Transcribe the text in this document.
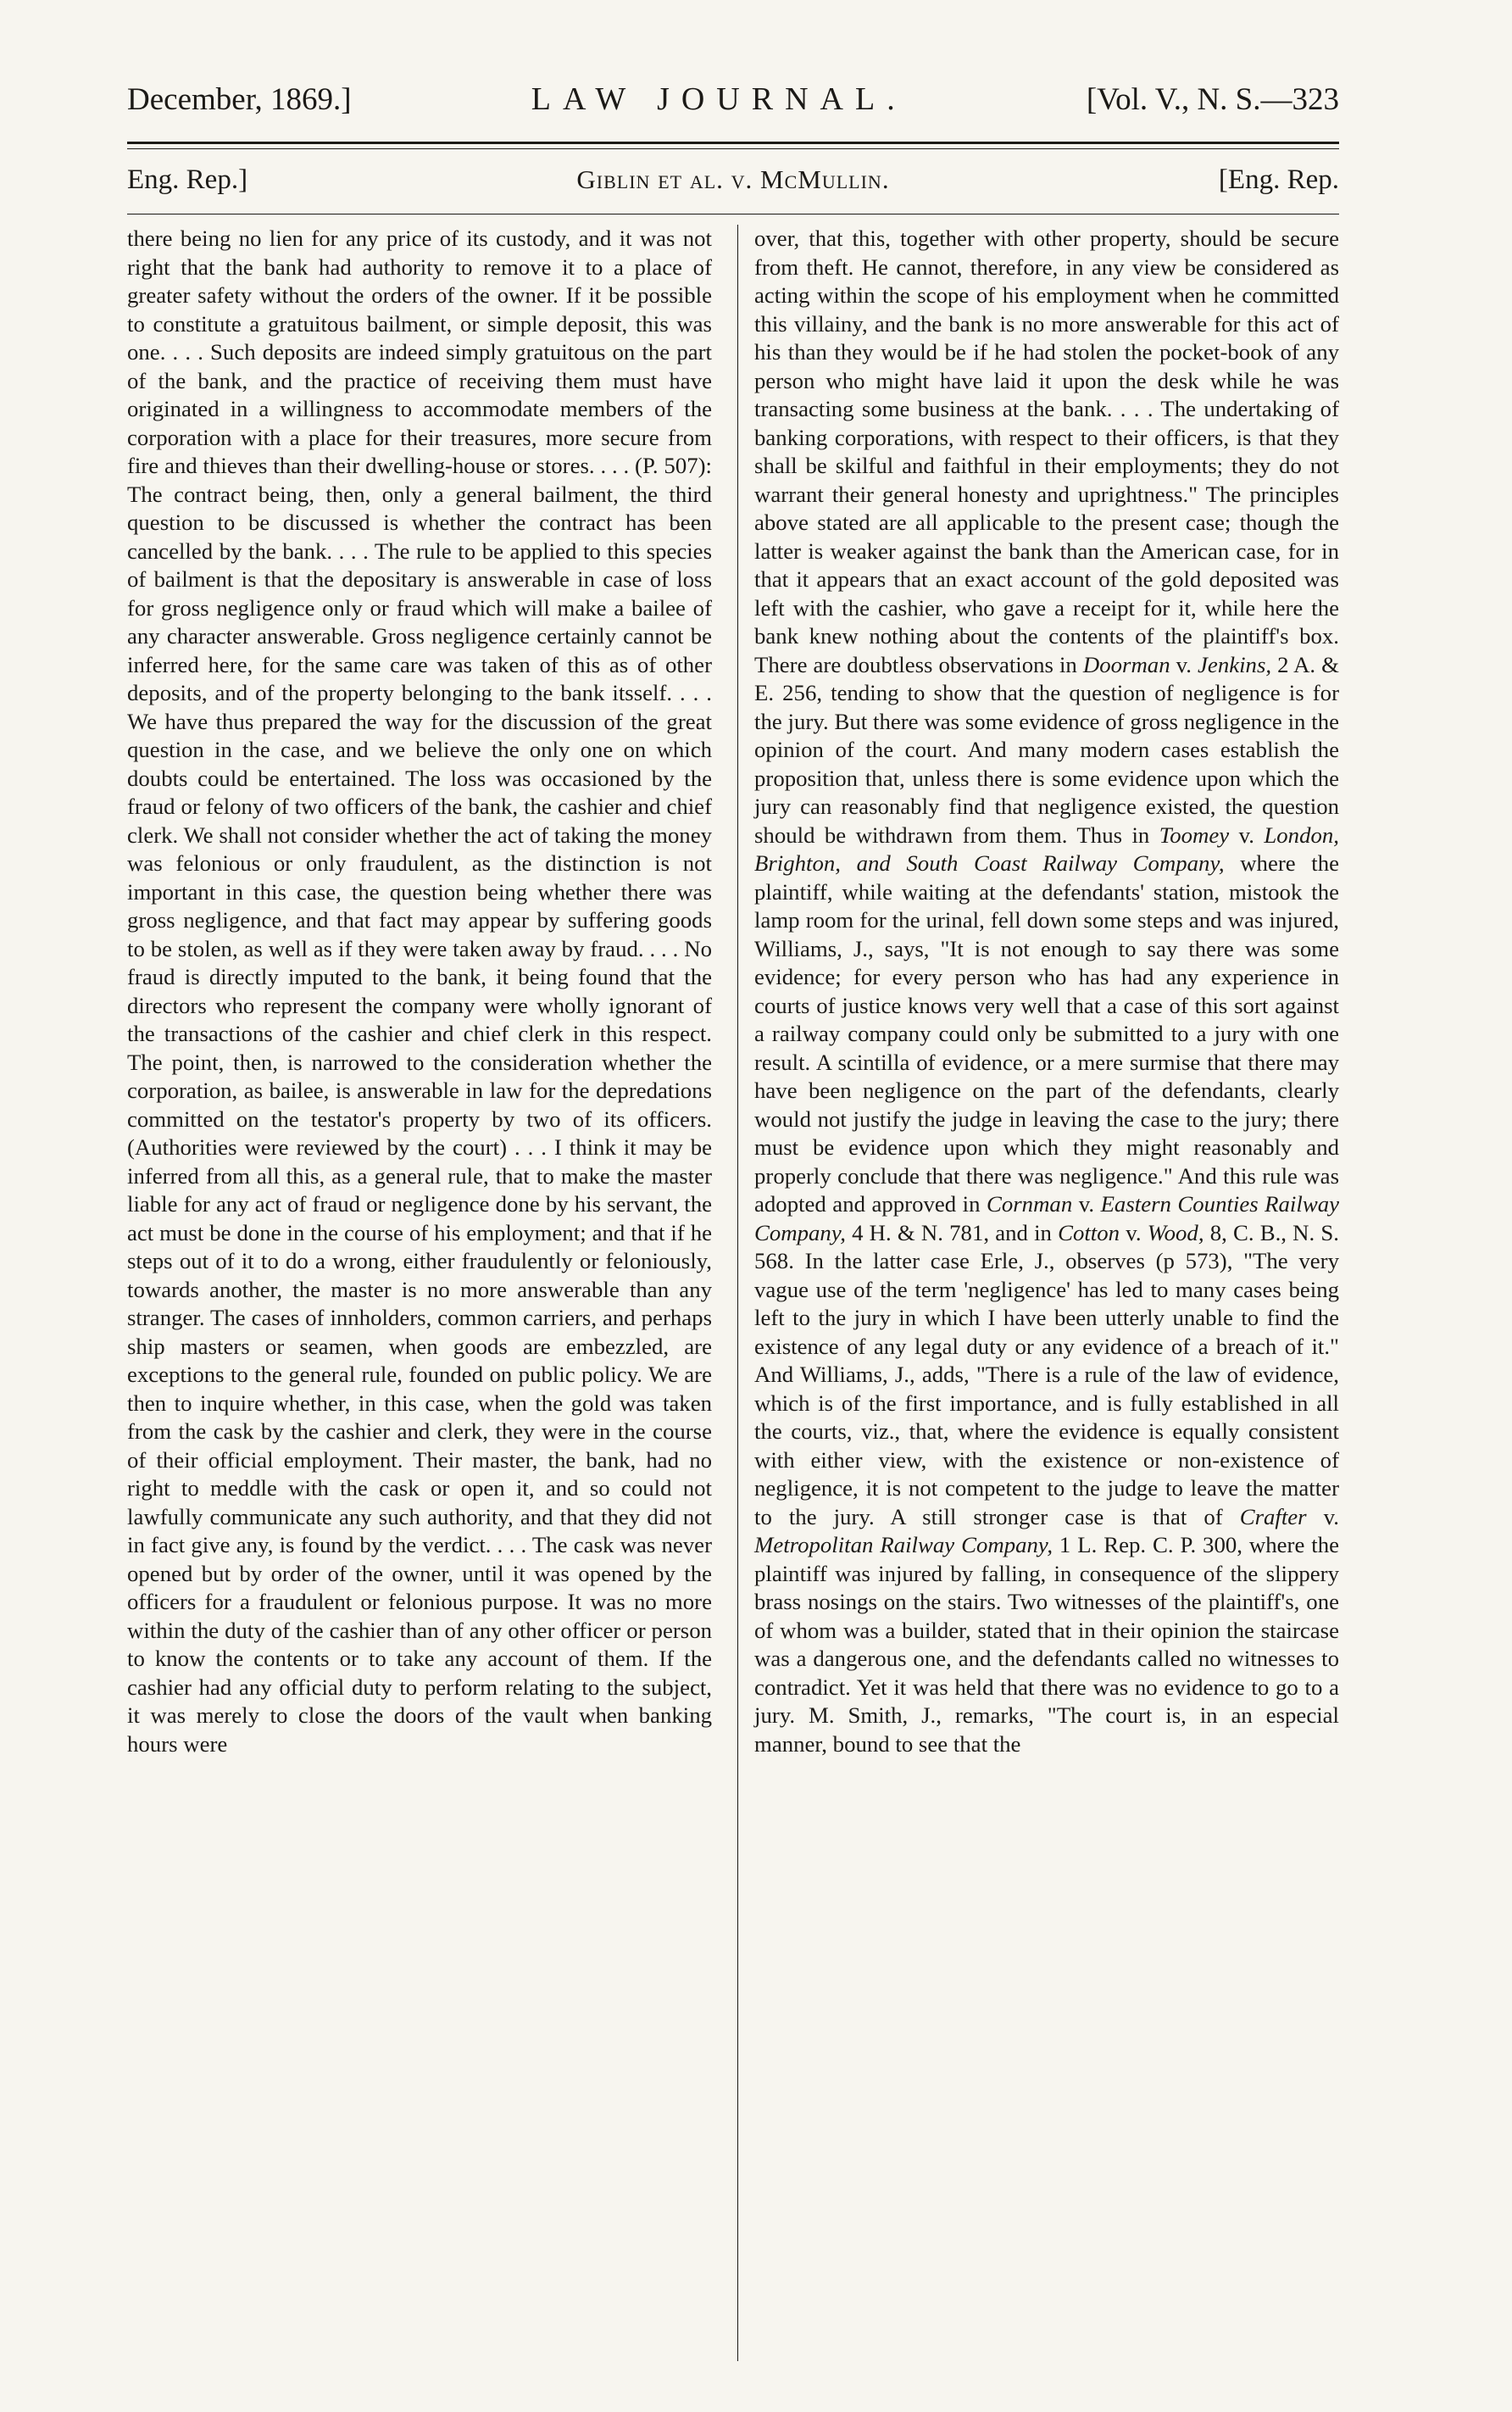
December, 1869.]	LAW JOURNAL.	[Vol. V., N. S.—323
Eng. Rep.]	Giblin et al. v. McMullin.	[Eng. Rep.

there being no lien for any price of its custody, and it was not right that the bank had authority to remove it to a place of greater safety without the orders of the owner. If it be possible to constitute a gratuitous bailment, or simple deposit, this was one. . . . Such deposits are indeed simply gratuitous on the part of the bank, and the practice of receiving them must have originated in a willingness to accommodate members of the corporation with a place for their treasures, more secure from fire and thieves than their dwelling-house or stores. . . . (P. 507): The contract being, then, only a general bailment, the third question to be discussed is whether the contract has been cancelled by the bank. . . . The rule to be applied to this species of bailment is that the depositary is answerable in case of loss for gross negligence only or fraud which will make a bailee of any character answerable. Gross negligence certainly cannot be inferred here, for the same care was taken of this as of other deposits, and of the property belonging to the bank itsself. . . . We have thus prepared the way for the discussion of the great question in the case, and we believe the only one on which doubts could be entertained. The loss was occasioned by the fraud or felony of two officers of the bank, the cashier and chief clerk. We shall not consider whether the act of taking the money was felonious or only fraudulent, as the distinction is not important in this case, the question being whether there was gross negligence, and that fact may appear by suffering goods to be stolen, as well as if they were taken away by fraud. . . . No fraud is directly imputed to the bank, it being found that the directors who represent the company were wholly ignorant of the transactions of the cashier and chief clerk in this respect. The point, then, is narrowed to the consideration whether the corporation, as bailee, is answerable in law for the depredations committed on the testator's property by two of its officers. (Authorities were reviewed by the court) . . . I think it may be inferred from all this, as a general rule, that to make the master liable for any act of fraud or negligence done by his servant, the act must be done in the course of his employment; and that if he steps out of it to do a wrong, either fraudulently or feloniously, towards another, the master is no more answerable than any stranger. The cases of innholders, common carriers, and perhaps ship masters or seamen, when goods are embezzled, are exceptions to the general rule, founded on public policy. We are then to inquire whether, in this case, when the gold was taken from the cask by the cashier and clerk, they were in the course of their official employment. Their master, the bank, had no right to meddle with the cask or open it, and so could not lawfully communicate any such authority, and that they did not in fact give any, is found by the verdict. . . . The cask was never opened but by order of the owner, until it was opened by the officers for a fraudulent or felonious purpose. It was no more within the duty of the cashier than of any other officer or person to know the contents or to take any account of them. If the cashier had any official duty to perform relating to the subject, it was merely to close the doors of the vault when banking hours were

over, that this, together with other property, should be secure from theft. He cannot, therefore, in any view be considered as acting within the scope of his employment when he committed this villainy, and the bank is no more answerable for this act of his than they would be if he had stolen the pocket-book of any person who might have laid it upon the desk while he was transacting some business at the bank. . . . The undertaking of banking corporations, with respect to their officers, is that they shall be skilful and faithful in their employments; they do not warrant their general honesty and uprightness." The principles above stated are all applicable to the present case; though the latter is weaker against the bank than the American case, for in that it appears that an exact account of the gold deposited was left with the cashier, who gave a receipt for it, while here the bank knew nothing about the contents of the plaintiff's box. There are doubtless observations in Doorman v. Jenkins, 2 A. & E. 256, tending to show that the question of negligence is for the jury. But there was some evidence of gross negligence in the opinion of the court. And many modern cases establish the proposition that, unless there is some evidence upon which the jury can reasonably find that negligence existed, the question should be withdrawn from them. Thus in Toomey v. London, Brighton, and South Coast Railway Company, where the plaintiff, while waiting at the defendants' station, mistook the lamp room for the urinal, fell down some steps and was injured, Williams, J., says, "It is not enough to say there was some evidence; for every person who has had any experience in courts of justice knows very well that a case of this sort against a railway company could only be submitted to a jury with one result. A scintilla of evidence, or a mere surmise that there may have been negligence on the part of the defendants, clearly would not justify the judge in leaving the case to the jury; there must be evidence upon which they might reasonably and properly conclude that there was negligence." And this rule was adopted and approved in Cornman v. Eastern Counties Railway Company, 4 H. & N. 781, and in Cotton v. Wood, 8, C. B., N. S. 568. In the latter case Erle, J., observes (p 573), "The very vague use of the term 'negligence' has led to many cases being left to the jury in which I have been utterly unable to find the existence of any legal duty or any evidence of a breach of it." And Williams, J., adds, "There is a rule of the law of evidence, which is of the first importance, and is fully established in all the courts, viz., that, where the evidence is equally consistent with either view, with the existence or non-existence of negligence, it is not competent to the judge to leave the matter to the jury. A still stronger case is that of Crafter v. Metropolitan Railway Company, 1 L. Rep. C. P. 300, where the plaintiff was injured by falling, in consequence of the slippery brass nosings on the stairs. Two witnesses of the plaintiff's, one of whom was a builder, stated that in their opinion the staircase was a dangerous one, and the defendants called no witnesses to contradict. Yet it was held that there was no evidence to go to a jury. M. Smith, J., remarks, "The court is, in an especial manner, bound to see that the
